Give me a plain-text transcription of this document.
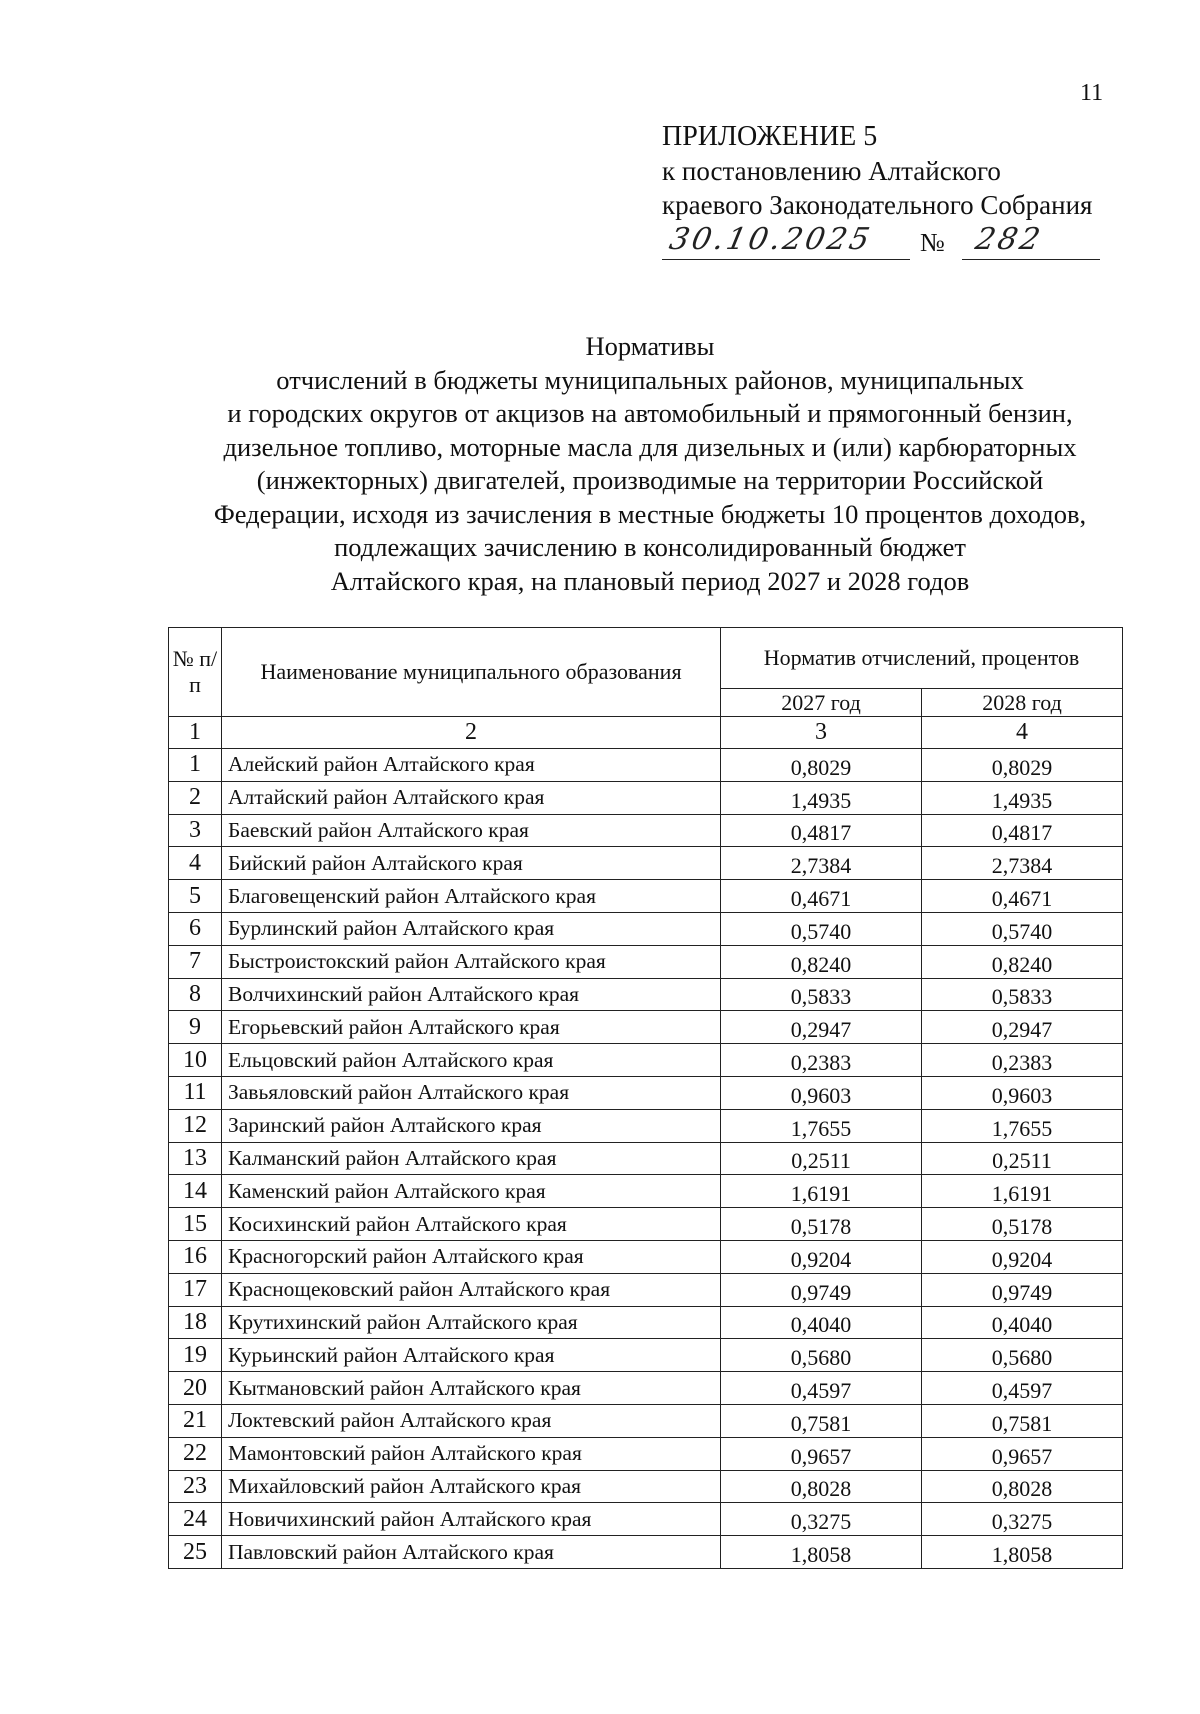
11
ПРИЛОЖЕНИЕ 5
к постановлению Алтайского
краевого Законодательного Собрания
30.10.2025 № 282
Нормативы
отчислений в бюджеты муниципальных районов, муниципальных
и городских округов от акцизов на автомобильный и прямогонный бензин,
дизельное топливо, моторные масла для дизельных и (или) карбюраторных
(инжекторных) двигателей, производимые на территории Российской
Федерации, исходя из зачисления в местные бюджеты 10 процентов доходов,
подлежащих зачислению в консолидированный бюджет
Алтайского края, на плановый период 2027 и 2028 годов
№ п/п	Наименование муниципального образования	Норматив отчислений, процентов	
		2027 год	2028 год
1	2	3	4
1	Алейский район Алтайского края	0,8029	0,8029
2	Алтайский район Алтайского края	1,4935	1,4935
3	Баевский район Алтайского края	0,4817	0,4817
4	Бийский район Алтайского края	2,7384	2,7384
5	Благовещенский район Алтайского края	0,4671	0,4671
6	Бурлинский район Алтайского края	0,5740	0,5740
7	Быстроистокский район Алтайского края	0,8240	0,8240
8	Волчихинский район Алтайского края	0,5833	0,5833
9	Егорьевский район Алтайского края	0,2947	0,2947
10	Ельцовский район Алтайского края	0,2383	0,2383
11	Завьяловский район Алтайского края	0,9603	0,9603
12	Заринский район Алтайского края	1,7655	1,7655
13	Калманский район Алтайского края	0,2511	0,2511
14	Каменский район Алтайского края	1,6191	1,6191
15	Косихинский район Алтайского края	0,5178	0,5178
16	Красногорский район Алтайского края	0,9204	0,9204
17	Краснощековский район Алтайского края	0,9749	0,9749
18	Крутихинский район Алтайского края	0,4040	0,4040
19	Курьинский район Алтайского края	0,5680	0,5680
20	Кытмановский район Алтайского края	0,4597	0,4597
21	Локтевский район Алтайского края	0,7581	0,7581
22	Мамонтовский район Алтайского края	0,9657	0,9657
23	Михайловский район Алтайского края	0,8028	0,8028
24	Новичихинский район Алтайского края	0,3275	0,3275
25	Павловский район Алтайского края	1,8058	1,8058
